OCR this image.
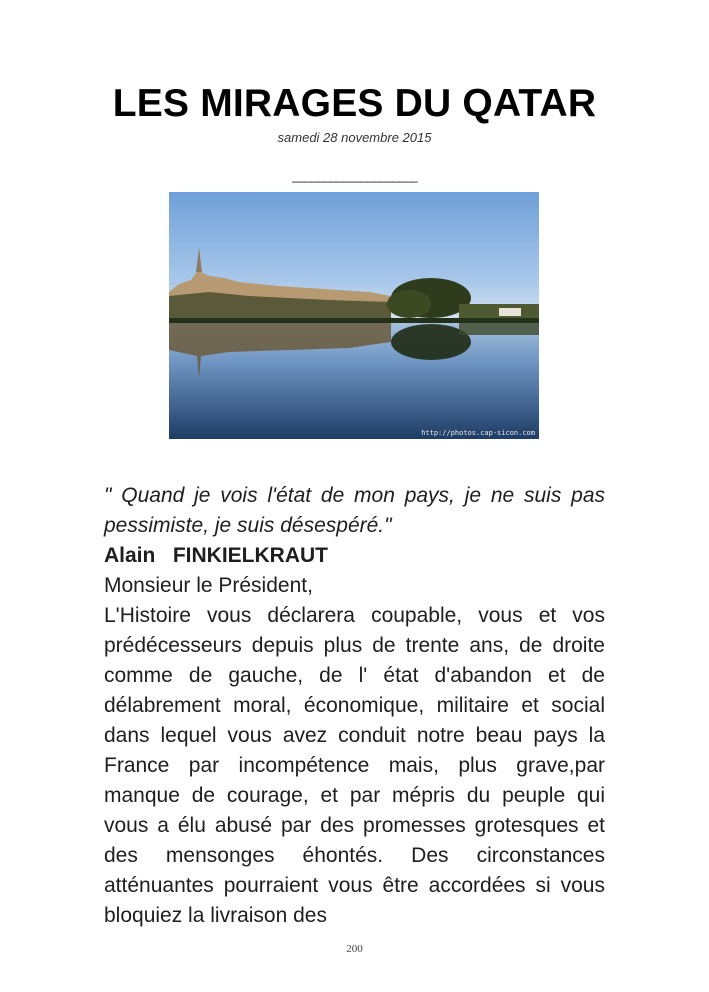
LES MIRAGES DU QATAR
samedi 28 novembre 2015
____________________
http://photos.cap-sicon.com

" Quand je vois l'état de mon pays, je ne suis pas pessimiste, je suis désespéré."

Alain   FINKIELKRAUT

Monsieur le Président,

L'Histoire vous déclarera coupable, vous et vos prédécesseurs depuis plus de trente ans, de droite comme de gauche, de l' état d'abandon et de délabrement moral, économique, militaire et social dans lequel vous avez conduit notre beau pays la France par incompétence mais, plus grave,par manque de courage, et par mépris du peuple qui vous a élu abusé par des promesses grotesques et des mensonges éhontés. Des circonstances atténuantes pourraient vous être accordées si vous bloquiez la livraison des

200
